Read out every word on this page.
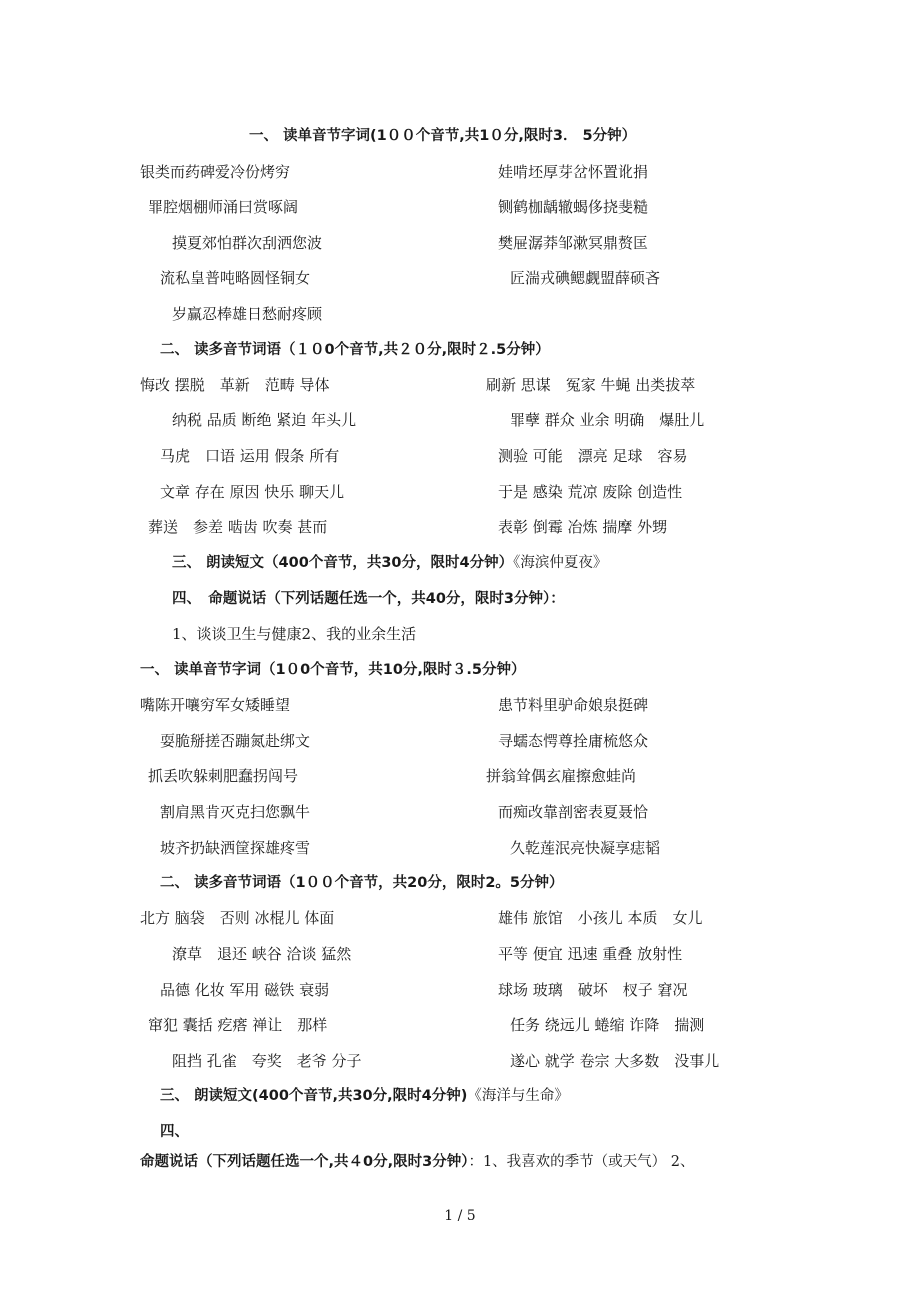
一、 读单音节字词(1００个音节,共1０分,限时3． 5分钟）
银类而药碑爱冷份烤穷	娃啃坯厚芽岔怀置讹捐
罪腔烟棚师涌曰赏啄阔	铡鹤枷龋辙蝎侈挠斐糙
摸夏郊怕群次刮洒您波	樊屉潺莽邹漱冥鼎赘匡
流私皇普吨略圆怪铜女	匠湍戎碘鳃觑盟薛硕吝
岁赢忍棒雄日愁耐疼顾
二、 读多音节词语（１０0个音节,共２０分,限时２.5分钟）
悔改 摆脱　革新　范畴 导体	刷新 思谋　冤家 牛蝇 出类拔萃
纳税 品质 断绝 紧迫 年头儿	罪孽 群众 业余 明确　爆肚儿
马虎　口语 运用 假条 所有	测验 可能　漂亮 足球　容易
文章 存在 原因 快乐 聊天儿	于是 感染 荒凉 废除 创造性
葬送　参差 啮齿 吹奏 甚而	表彰 倒霉 冶炼 揣摩 外甥
三、 朗读短文（400个音节，共30分，限时4分钟）《海滨仲夏夜》
四、　命题说话（下列话题任选一个，共40分，限时3分钟）：
1、谈谈卫生与健康2、我的业余生活
一、 读单音节字词（1０0个音节，共10分,限时３.5分钟）
嘴陈开嚷穷军女矮睡望	患节料里驴命娘泉挺碑
耍脆掰搓否蹦氮赴绑文	寻蠕态愕尊拴庸梳悠众
抓丢吹躲刺肥蠢拐闯号	拼翁耸偶玄雇擦愈蛙尚
割肩黑肯灭克扫您飘牛	而痴改靠剖密表夏聂恰
坡齐扔缺洒筐探雄疼雪	久乾莲泯亮快凝享痣韬
二、 读多音节词语（1００个音节，共20分，限时2。5分钟）
北方 脑袋　否则 冰棍儿 体面	雄伟 旅馆　小孩儿 本质　女儿
潦草　退还 峡谷 洽谈 猛然	平等 便宜 迅速 重叠 放射性
品德 化妆 军用 磁铁 衰弱	球场 玻璃　破坏　杈子 窘况
窜犯 囊括 疙瘩 禅让　那样	任务 绕远儿 蜷缩 诈降　揣测
阻挡 孔雀　夸奖　老爷 分子	遂心 就学 卷宗 大多数　没事儿
三、 朗读短文(400个音节,共30分,限时4分钟)《海洋与生命》
四、
命题说话（下列话题任选一个,共４0分,限时3分钟）：1、我喜欢的季节（或天气） 2、
1 / 5
